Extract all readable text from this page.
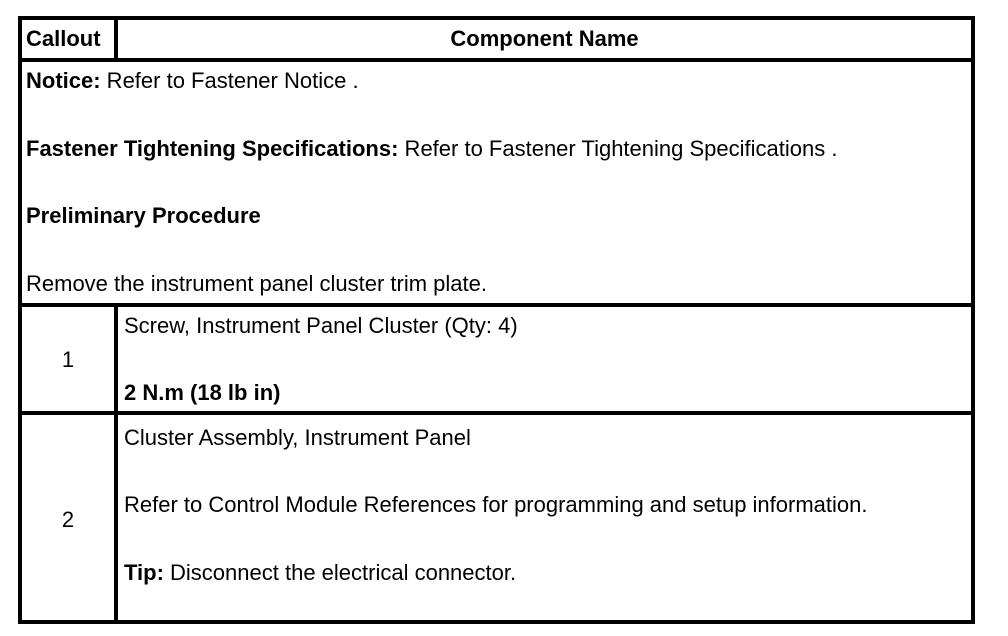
Callout	Component Name
Notice: Refer to Fastener Notice .
Fastener Tightening Specifications: Refer to Fastener Tightening Specifications .
Preliminary Procedure
Remove the instrument panel cluster trim plate.
1
Screw, Instrument Panel Cluster (Qty: 4)
2 N.m (18 lb in)
2
Cluster Assembly, Instrument Panel
Refer to Control Module References for programming and setup information.
Tip: Disconnect the electrical connector.
